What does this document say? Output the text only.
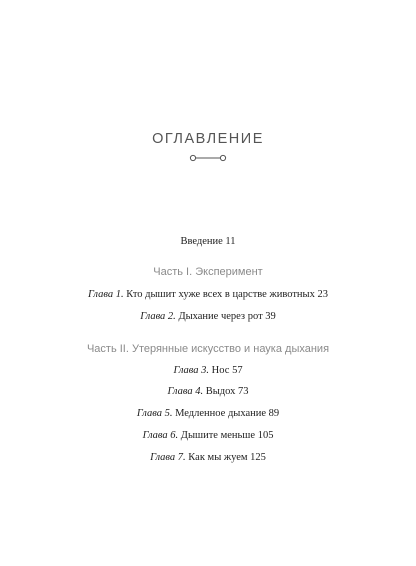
ОГЛАВЛЕНИЕ
Введение 11
Часть I. Эксперимент
Глава 1. Кто дышит хуже всех в царстве животных 23
Глава 2. Дыхание через рот 39
Часть II. Утерянные искусство и наука дыхания
Глава 3. Нос 57
Глава 4. Выдох 73
Глава 5. Медленное дыхание 89
Глава 6. Дышите меньше 105
Глава 7. Как мы жуем 125
